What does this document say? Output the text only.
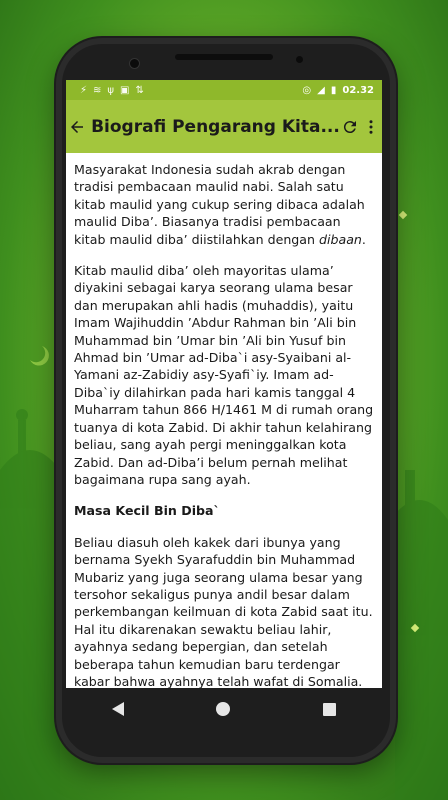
⚡ ≋ ψ ▣ ⇅	◎ ◢ ▮ 02.32
Biografi Pengarang Kita...

Masyarakat Indonesia sudah akrab dengan tradisi pembacaan maulid nabi. Salah satu kitab maulid yang cukup sering dibaca adalah maulid Diba’. Biasanya tradisi pembacaan kitab maulid diba’ diistilahkan dengan dibaan.

Kitab maulid diba’ oleh mayoritas ulama’ diyakini sebagai karya seorang ulama besar dan merupakan ahli hadis (muhaddis), yaitu Imam Wajihuddin ’Abdur Rahman bin ’Ali bin Muhammad bin ’Umar bin ’Ali bin Yusuf bin Ahmad bin ’Umar ad-Diba`i asy-Syaibani al-Yamani az-Zabidiy asy-Syafi`iy. Imam ad-Diba`iy dilahirkan pada hari kamis tanggal 4 Muharram tahun 866 H/1461 M di rumah orang tuanya di kota Zabid. Di akhir tahun kelahirang beliau, sang ayah pergi meninggalkan kota Zabid. Dan ad-Diba’i belum pernah melihat bagaimana rupa sang ayah.

Masa Kecil Bin Diba`

Beliau diasuh oleh kakek dari ibunya yang bernama Syekh Syarafuddin bin Muhammad Mubariz yang juga seorang ulama besar yang tersohor sekaligus punya andil besar dalam perkembangan keilmuan di kota Zabid saat itu. Hal itu dikarenakan sewaktu beliau lahir, ayahnya sedang bepergian, dan setelah beberapa tahun kemudian baru terdengar kabar bahwa ayahnya telah wafat di Somalia.
